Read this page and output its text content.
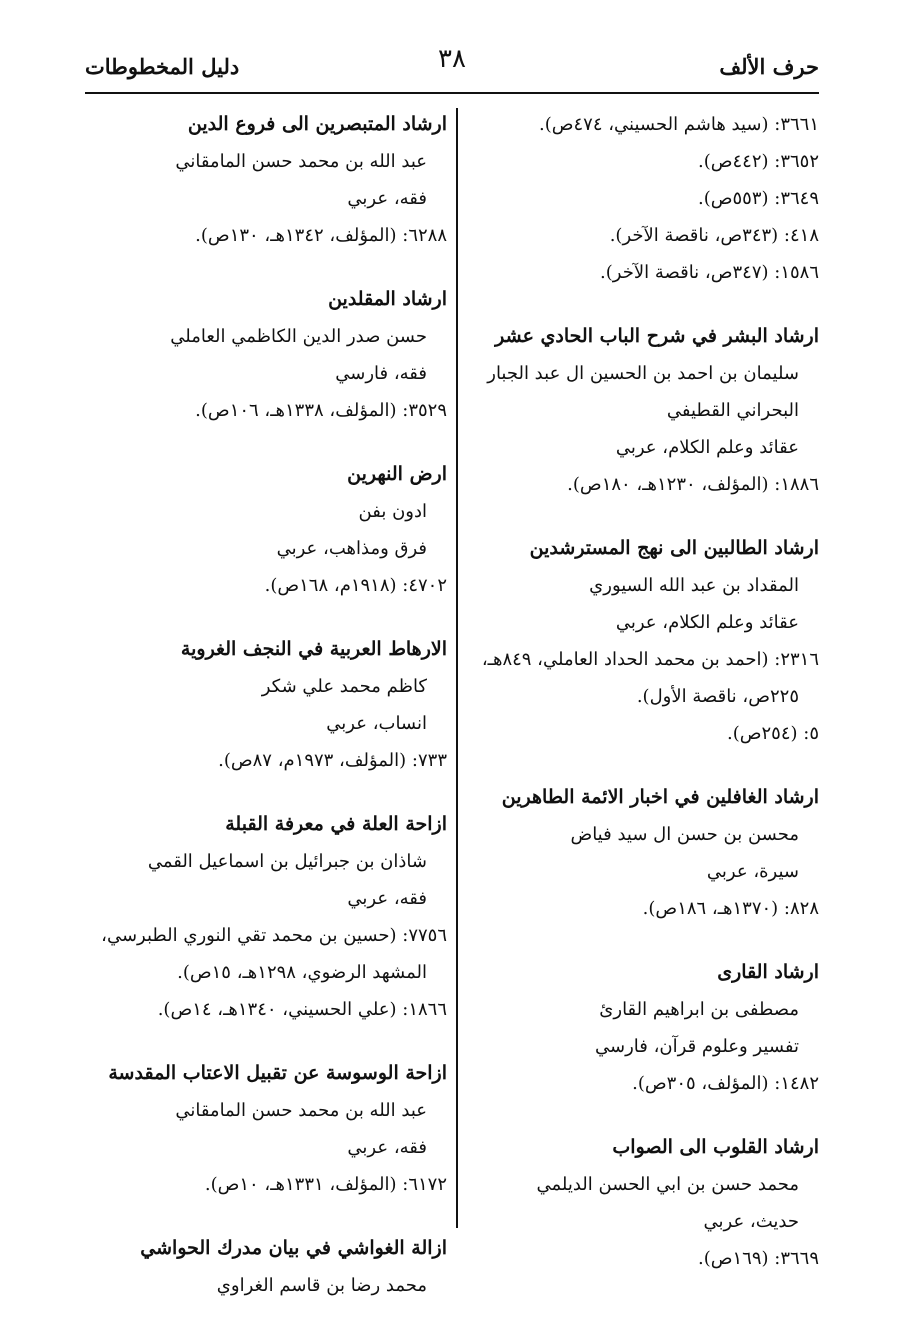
حرف الألف
٣٨
دليل المخطوطات

٣٦٦١: (سيد هاشم الحسيني، ٤٧٤ص).

٣٦٥٢: (٤٤٢ص).

٣٦٤٩: (٥٥٣ص).

٤١٨: (٣٤٣ص، ناقصة الآخر).

١٥٨٦: (٣٤٧ص، ناقصة الآخر).

ارشاد البشر في شرح الباب الحادي عشر

سليمان بن احمد بن الحسين ال عبد الجبار

البحراني القطيفي

عقائد وعلم الكلام، عربي

١٨٨٦: (المؤلف، ١٢٣٠هـ، ١٨٠ص).

ارشاد الطالبين الى نهج المسترشدين

المقداد بن عبد الله السيوري

عقائد وعلم الكلام، عربي

٢٣١٦: (احمد بن محمد الحداد العاملي، ٨٤٩هـ،

٢٢٥ص، ناقصة الأول).

٥: (٢٥٤ص).

ارشاد الغافلين في اخبار الائمة الطاهرين

محسن بن حسن ال سيد فياض

سيرة، عربي

٨٢٨: (١٣٧٠هـ، ١٨٦ص).

ارشاد القارى

مصطفى بن ابراهيم القارئ

تفسير وعلوم قرآن، فارسي

١٤٨٢: (المؤلف، ٣٠٥ص).

ارشاد القلوب الى الصواب

محمد حسن بن ابي الحسن الديلمي

حديث، عربي

٣٦٦٩: (١٦٩ص).

ارشاد المتبصرين الى فروع الدين

عبد الله بن محمد حسن المامقاني

فقه، عربي

٦٢٨٨: (المؤلف، ١٣٤٢هـ، ١٣٠ص).

ارشاد المقلدين

حسن صدر الدين الكاظمي العاملي

فقه، فارسي

٣٥٢٩: (المؤلف، ١٣٣٨هـ، ١٠٦ص).

ارض النهرين

ادون بفن

فرق ومذاهب، عربي

٤٧٠٢: (١٩١٨م، ١٦٨ص).

الارهاط العربية في النجف الغروية

كاظم محمد علي شكر

انساب، عربي

٧٣٣: (المؤلف، ١٩٧٣م، ٨٧ص).

ازاحة العلة في معرفة القبلة

شاذان بن جبرائيل بن اسماعيل القمي

فقه، عربي

٧٧٥٦: (حسين بن محمد تقي النوري الطبرسي،

المشهد الرضوي، ١٢٩٨هـ، ١٥ص).

١٨٦٦: (علي الحسيني، ١٣٤٠هـ، ١٤ص).

ازاحة الوسوسة عن تقبيل الاعتاب المقدسة

عبد الله بن محمد حسن المامقاني

فقه، عربي

٦١٧٢: (المؤلف، ١٣٣١هـ، ١٠ص).

ازالة الغواشي في بيان مدرك الحواشي

محمد رضا بن قاسم الغراوي
